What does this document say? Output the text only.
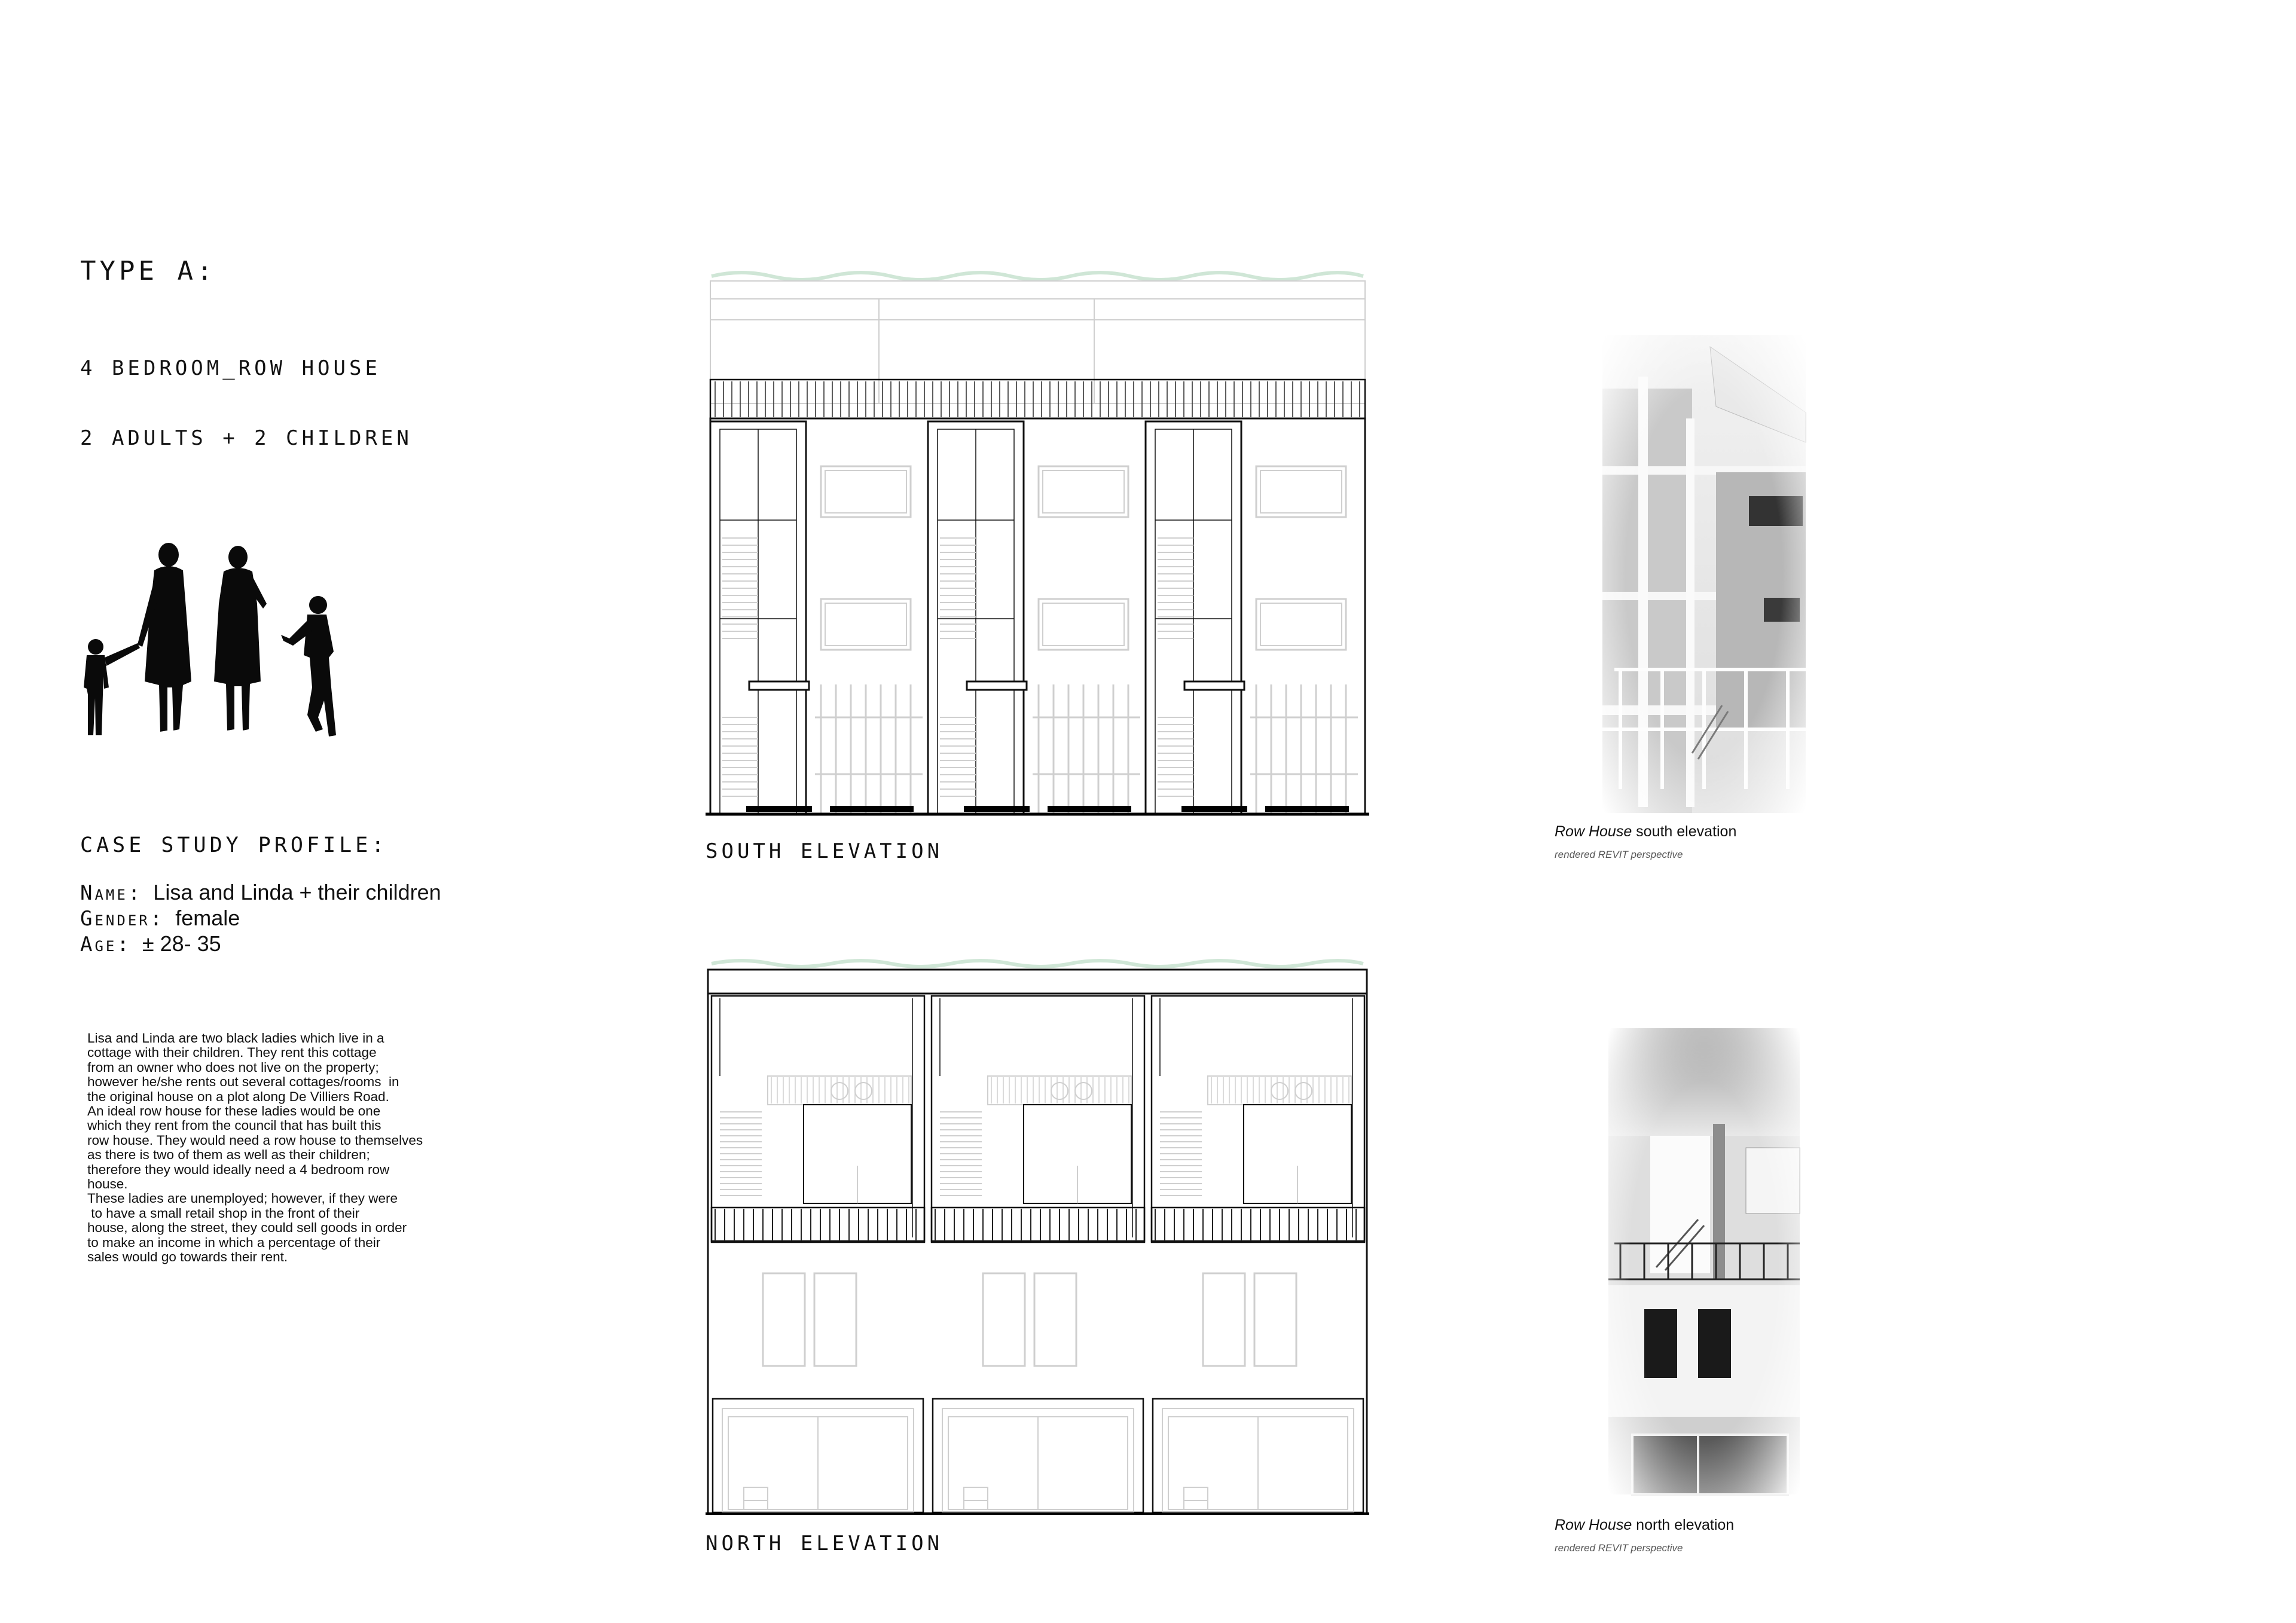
TYPE A:
4 BEDROOM_ROW HOUSE
2 ADULTS + 2 CHILDREN
CASE STUDY PROFILE:
Name: Lisa and Linda + their children
Gender: female
Age: ± 28- 35
Lisa and Linda are two black ladies which live in a
cottage with their children. They rent this cottage
from an owner who does not live on the property;
however he/she rents out several cottages/rooms  in
the original house on a plot along De Villiers Road.
An ideal row house for these ladies would be one
which they rent from the council that has built this
row house. They would need a row house to themselves
as there is two of them as well as their children;
therefore they would ideally need a 4 bedroom row
house.
These ladies are unemployed; however, if they were
to have a small retail shop in the front of their
house, along the street, they could sell goods in order
to make an income in which a percentage of their
sales would go towards their rent.
SOUTH ELEVATION
NORTH ELEVATION
Row House south elevation
rendered REVIT perspective
Row House north elevation
rendered REVIT perspective
